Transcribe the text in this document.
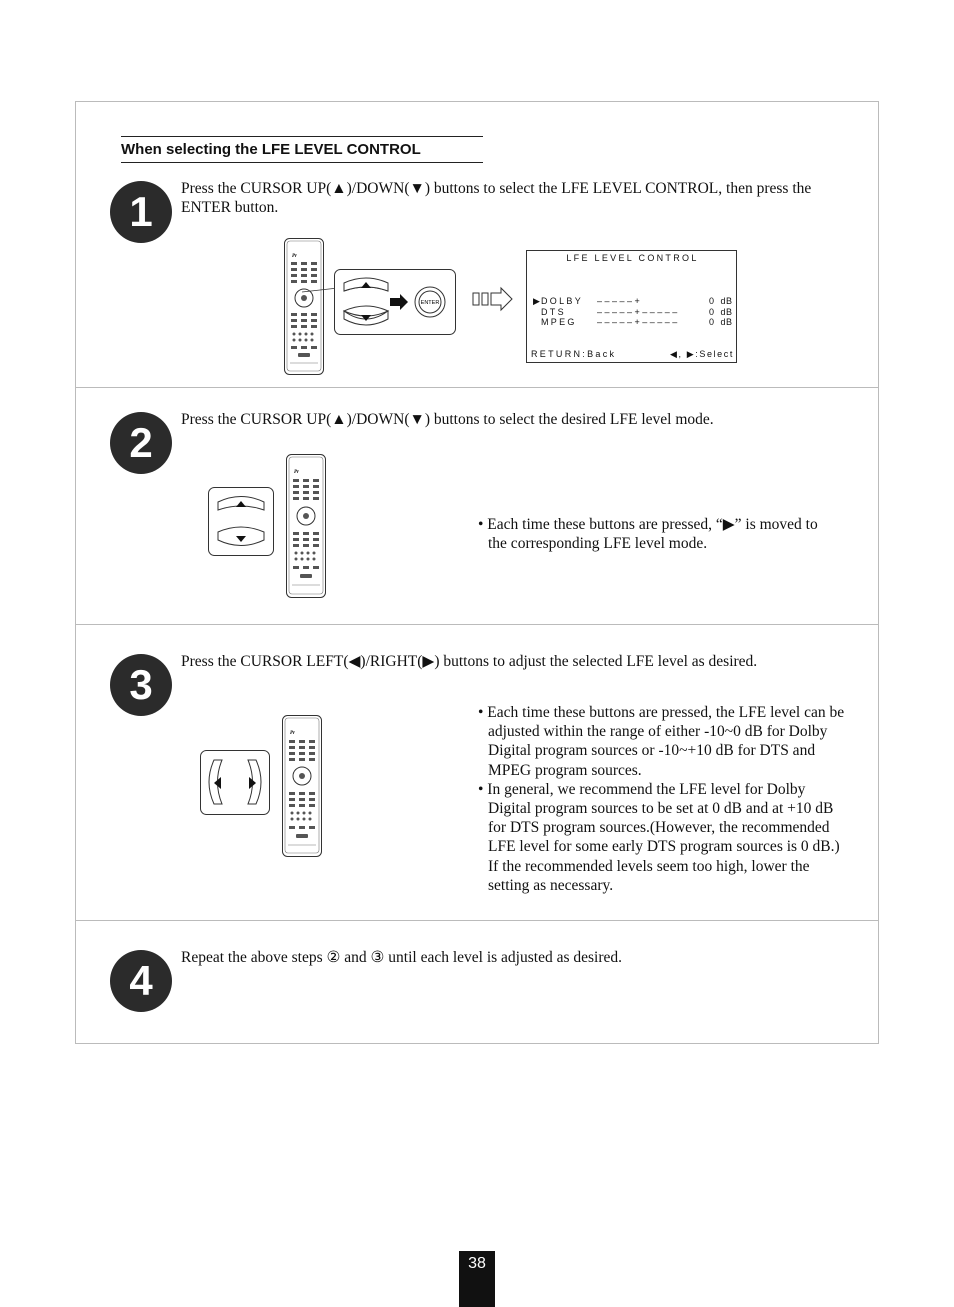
When selecting the LFE LEVEL CONTROL
1	Press the CURSOR UP(▲)/DOWN(▼) buttons to select the LFE LEVEL CONTROL, then press the
ENTER button.
Pr
ENTER
LFE LEVEL CONTROL
▶
DOLBY – – – – – +	0  dB
DTS	– – – – – + – – – – –	0  dB
MPEG – – – – – + – – – – –	0  dB
RETURN:Back	◀, ▶:Select
2	Press the CURSOR UP(▲)/DOWN(▼) buttons to select the desired LFE level mode.
Pr
• Each time these buttons are pressed, “▶” is moved to
the corresponding LFE level mode.
3	Press the CURSOR LEFT(◀)/RIGHT(▶) buttons to adjust the selected LFE level as desired.
Pr
• Each time these buttons are pressed, the LFE level can be
adjusted within the range of either -10~0 dB for Dolby
Digital program sources or -10~+10 dB for DTS and
MPEG program sources.
• In general, we recommend the LFE level for Dolby
Digital program sources to be set at 0 dB and at +10 dB
for DTS program sources.(However, the recommended
LFE level for some early DTS program sources is 0 dB.)
If the recommended levels seem too high, lower the
setting as necessary.
4	Repeat the above steps ② and ③ until each level is adjusted as desired.
38
